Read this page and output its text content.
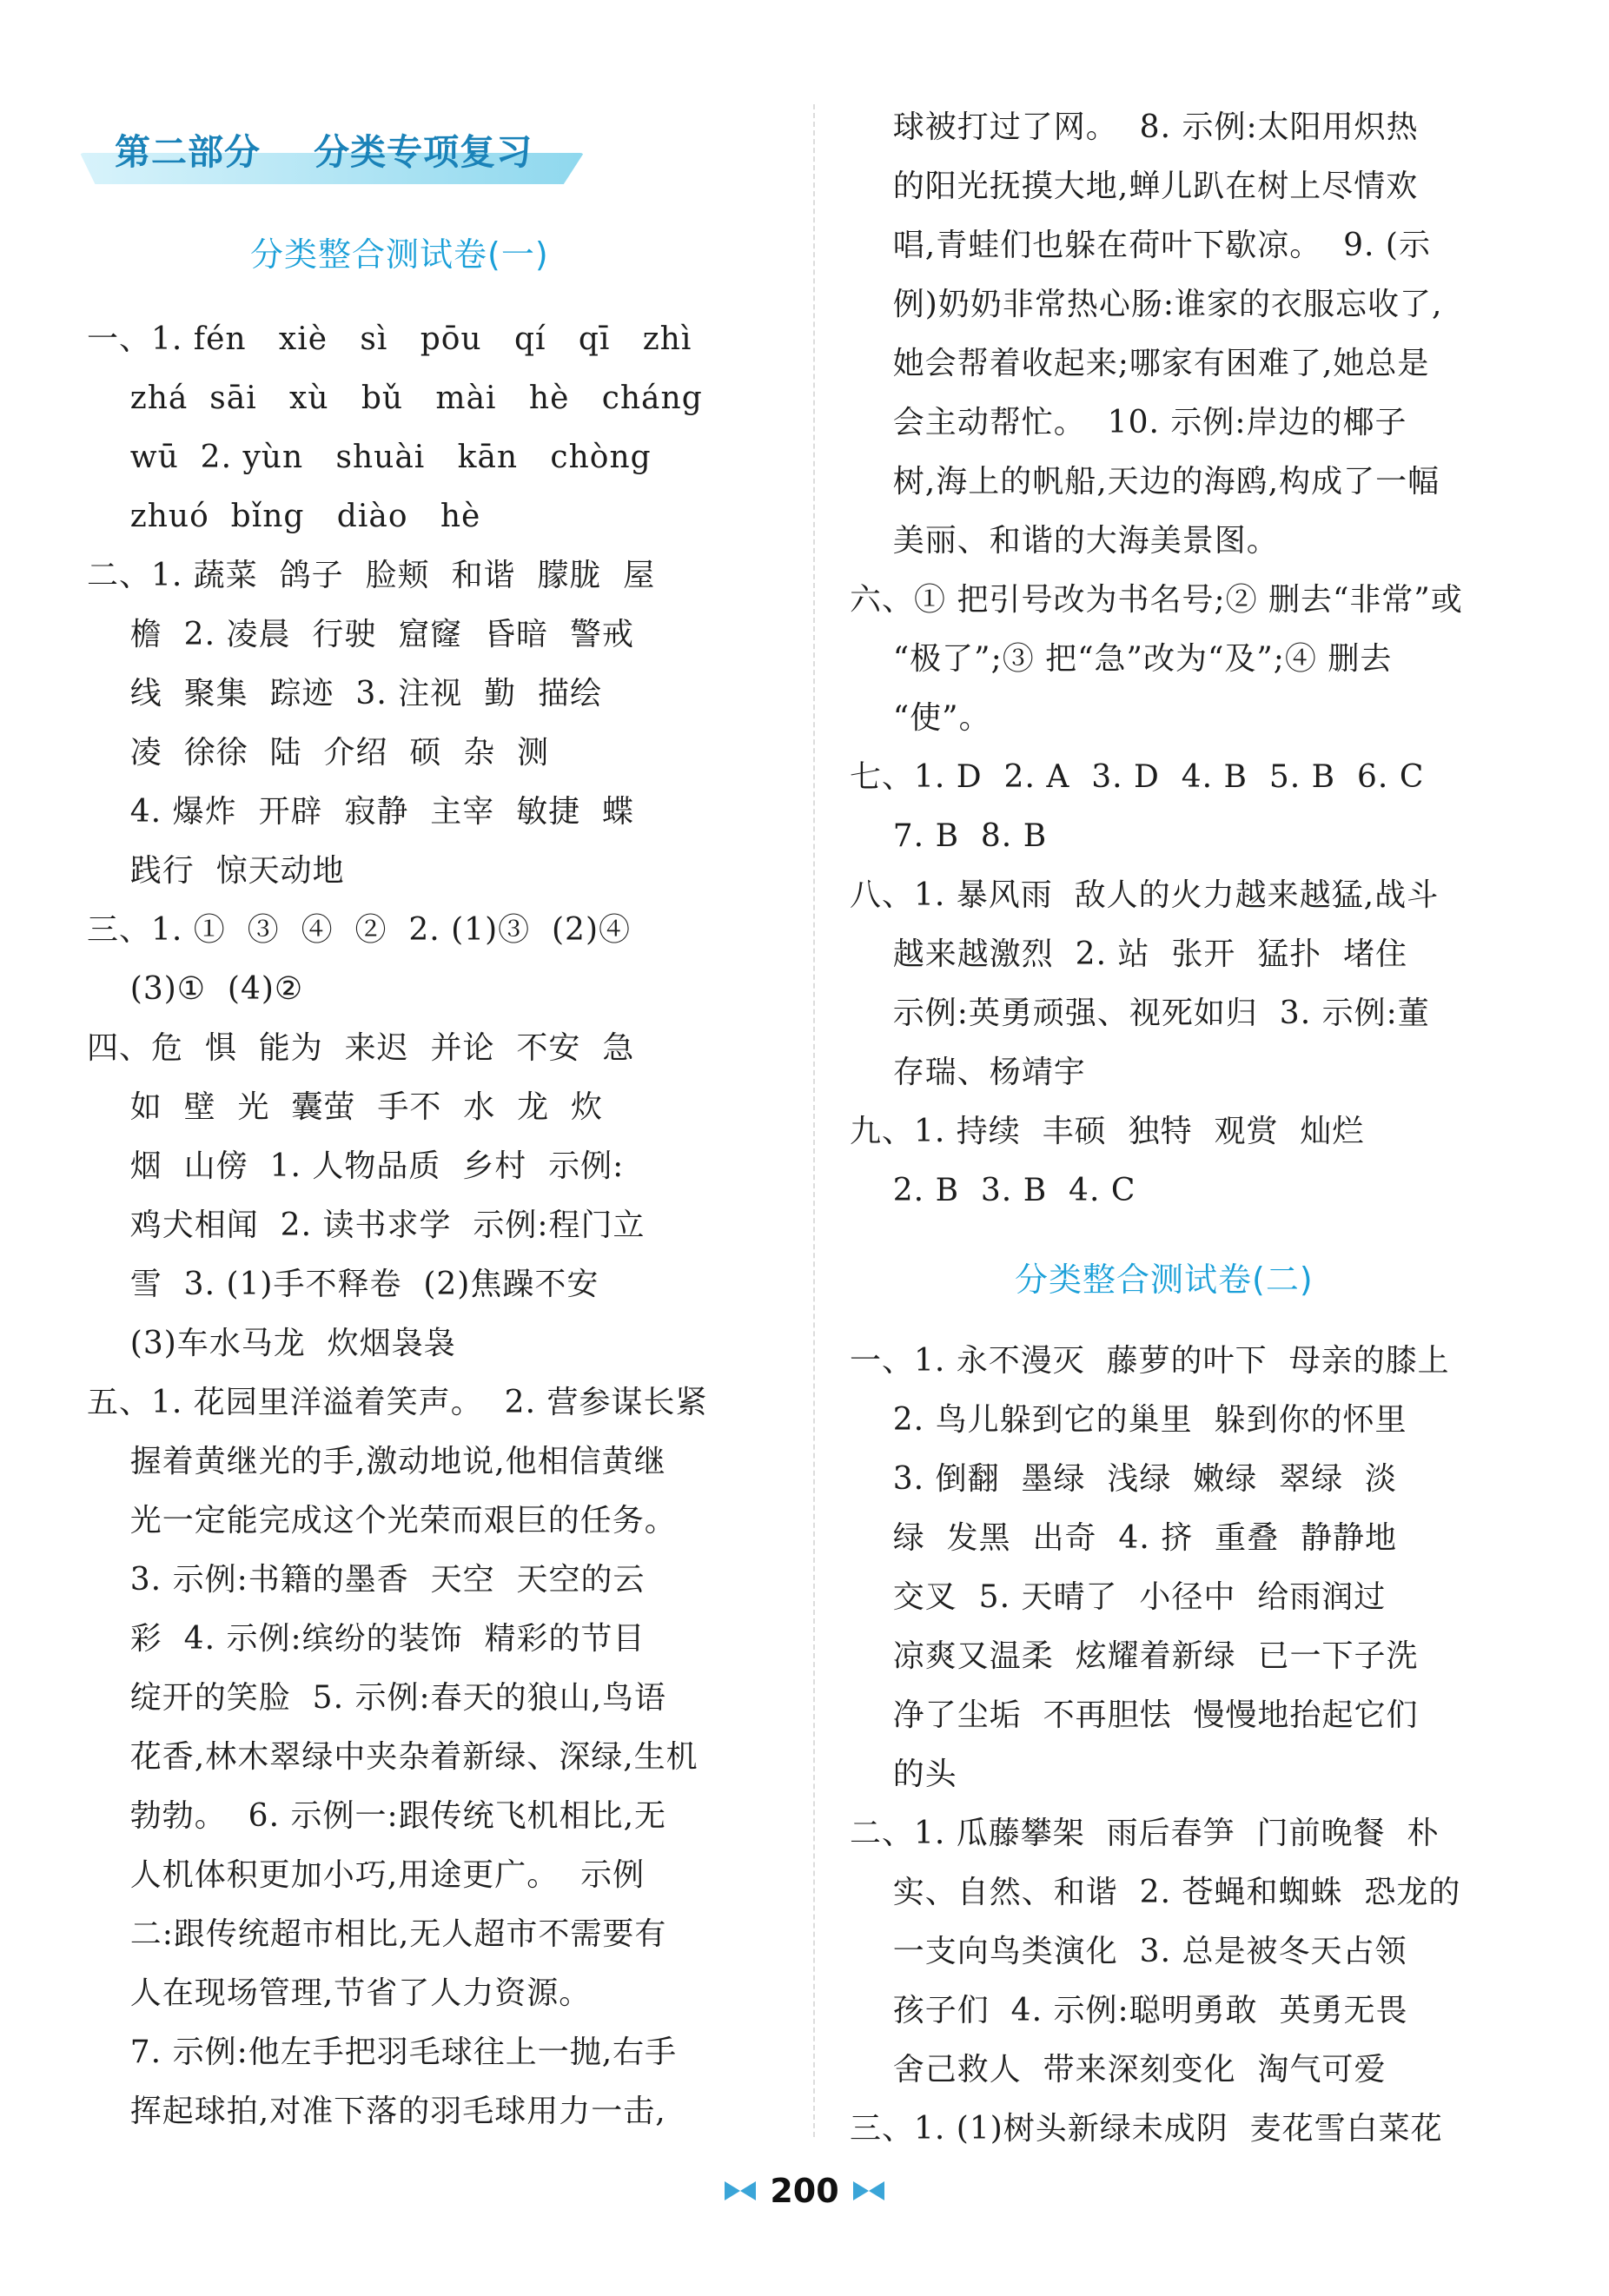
第二部分    分类专项复习
分类整合测试卷(一)
一、1. fén   xiè   sì   pōu   qí   qī   zhì
zhá  sāi   xù   bǔ   mài   hè   cháng
wū  2. yùn   shuài   kān   chòng
zhuó  bǐng   diào   hè
二、1. 蔬菜  鸽子  脸颊  和谐  朦胧  屋
檐  2. 凌晨  行驶  窟窿  昏暗  警戒
线  聚集  踪迹  3. 注视  勤  描绘
凌  徐徐  陆  介绍  硕  杂  测
4. 爆炸  开辟  寂静  主宰  敏捷  蝶
践行  惊天动地
三、1. ①  ③  ④  ②  2. (1)③  (2)④
(3)①  (4)②
四、危  惧  能为  来迟  并论  不安  急
如  壁  光  囊萤  手不  水  龙  炊
烟  山傍  1. 人物品质  乡村  示例:
鸡犬相闻  2. 读书求学  示例:程门立
雪  3. (1)手不释卷  (2)焦躁不安
(3)车水马龙  炊烟袅袅
五、1. 花园里洋溢着笑声。  2. 营参谋长紧
握着黄继光的手,激动地说,他相信黄继
光一定能完成这个光荣而艰巨的任务。
3. 示例:书籍的墨香  天空  天空的云
彩  4. 示例:缤纷的装饰  精彩的节目
绽开的笑脸  5. 示例:春天的狼山,鸟语
花香,林木翠绿中夹杂着新绿、深绿,生机
勃勃。  6. 示例一:跟传统飞机相比,无
人机体积更加小巧,用途更广。  示例
二:跟传统超市相比,无人超市不需要有
人在现场管理,节省了人力资源。
7. 示例:他左手把羽毛球往上一抛,右手
挥起球拍,对准下落的羽毛球用力一击,
球被打过了网。  8. 示例:太阳用炽热
的阳光抚摸大地,蝉儿趴在树上尽情欢
唱,青蛙们也躲在荷叶下歇凉。  9. (示
例)奶奶非常热心肠:谁家的衣服忘收了,
她会帮着收起来;哪家有困难了,她总是
会主动帮忙。  10. 示例:岸边的椰子
树,海上的帆船,天边的海鸥,构成了一幅
美丽、和谐的大海美景图。
六、① 把引号改为书名号;② 删去“非常”或
“极了”;③ 把“急”改为“及”;④ 删去
“使”。
七、1. D  2. A  3. D  4. B  5. B  6. C
7. B  8. B
八、1. 暴风雨  敌人的火力越来越猛,战斗
越来越激烈  2. 站  张开  猛扑  堵住
示例:英勇顽强、视死如归  3. 示例:董
存瑞、杨靖宇
九、1. 持续  丰硕  独特  观赏  灿烂
2. B  3. B  4. C
分类整合测试卷(二)
一、1. 永不漫灭  藤萝的叶下  母亲的膝上
2. 鸟儿躲到它的巢里  躲到你的怀里
3. 倒翻  墨绿  浅绿  嫩绿  翠绿  淡
绿  发黑  出奇  4. 挤  重叠  静静地
交叉  5. 天晴了  小径中  给雨润过
凉爽又温柔  炫耀着新绿  已一下子洗
净了尘垢  不再胆怯  慢慢地抬起它们
的头
二、1. 瓜藤攀架  雨后春笋  门前晚餐  朴
实、自然、和谐  2. 苍蝇和蜘蛛  恐龙的
一支向鸟类演化  3. 总是被冬天占领
孩子们  4. 示例:聪明勇敢  英勇无畏
舍己救人  带来深刻变化  淘气可爱
三、1. (1)树头新绿未成阴  麦花雪白菜花
200
